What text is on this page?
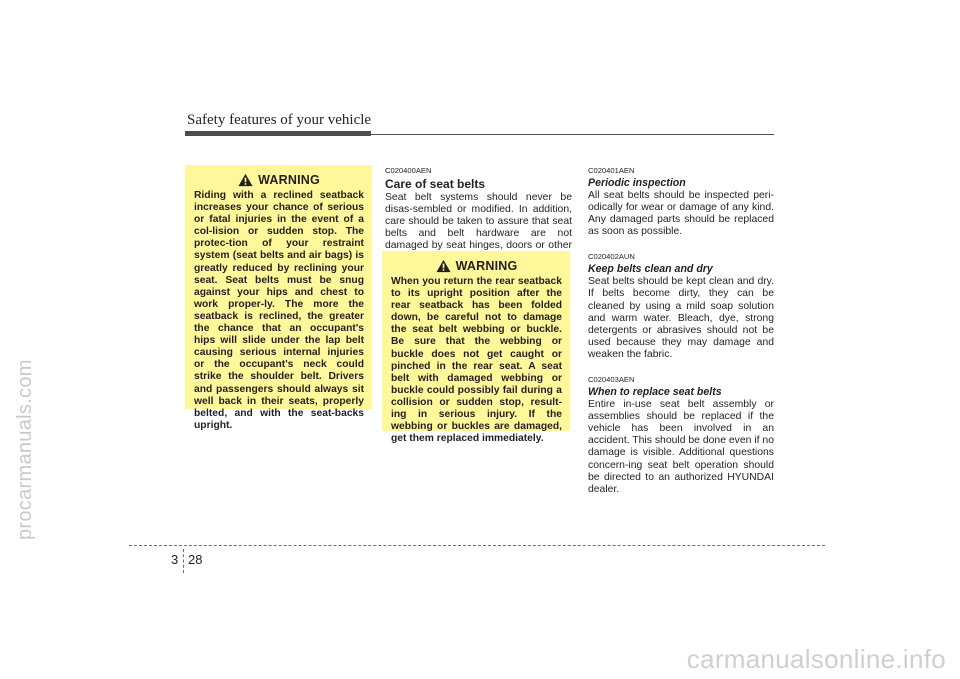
procarmanuals.com
carmanualsonline.info
Safety features of your vehicle
WARNING

Riding with a reclined seatback increases your chance of serious or fatal injuries in the event of a col-lision or sudden stop. The protec-tion of your restraint system (seat belts and air bags) is greatly reduced by reclining your seat. Seat belts must be snug against your hips and chest to work proper-ly. The more the seatback is reclined, the greater the chance that an occupant's hips will slide under the lap belt causing serious internal injuries or the occupant's neck could strike the shoulder belt. Drivers and passengers should always sit well back in their seats, properly belted, and with the seat-backs upright.

C020400AEN
Care of seat belts

Seat belt systems should never be disas-sembled or modified. In addition, care should be taken to assure that seat belts and belt hardware are not damaged by seat hinges, doors or other

WARNING

When you return the rear seatback to its upright position after the rear seatback has been folded down, be careful not to damage the seat belt webbing or buckle. Be sure that the webbing or buckle does not get caught or pinched in the rear seat. A seat belt with damaged webbing or buckle could possibly fail during a collision or sudden stop, result-ing in serious injury. If the webbing or buckles are damaged, get them replaced immediately.

C020401AEN
Periodic inspection

All seat belts should be inspected peri-odically for wear or damage of any kind. Any damaged parts should be replaced as soon as possible.

C020402AUN
Keep belts clean and dry

Seat belts should be kept clean and dry. If belts become dirty, they can be cleaned by using a mild soap solution and warm water. Bleach, dye, strong detergents or abrasives should not be used because they may damage and weaken the fabric.

C020403AEN
When to replace seat belts

Entire in-use seat belt assembly or assemblies should be replaced if the vehicle has been involved in an accident. This should be done even if no damage is visible. Additional questions concern-ing seat belt operation should be directed to an authorized HYUNDAI dealer.

3 28
